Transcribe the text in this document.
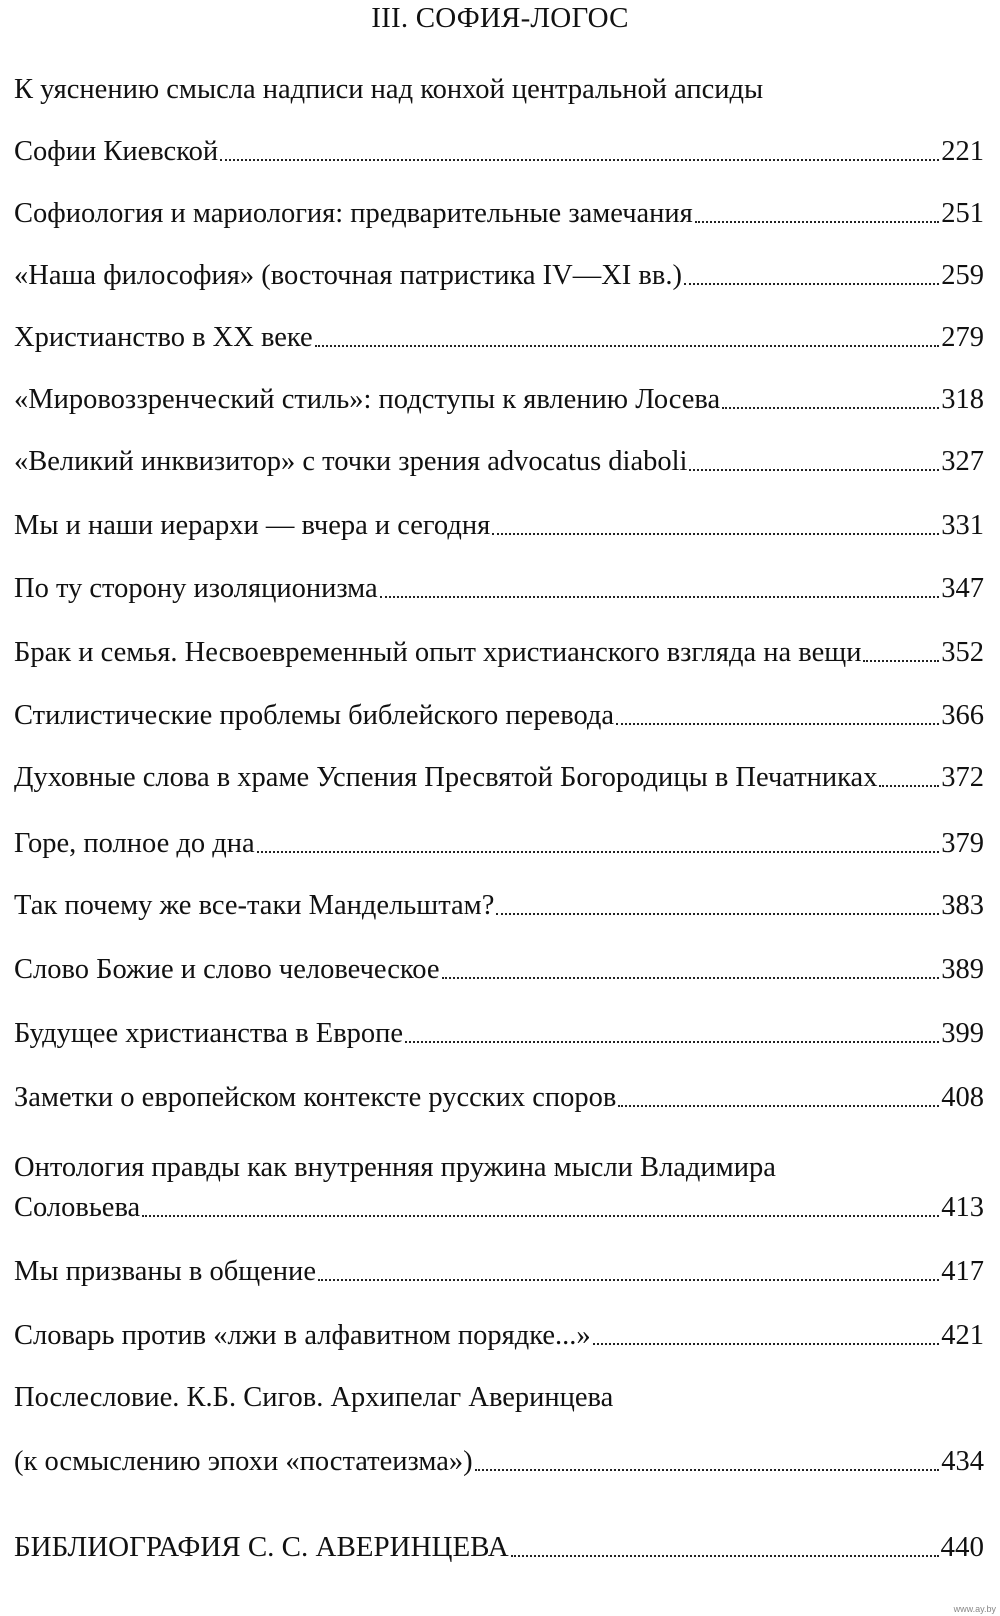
III. СОФИЯ-ЛОГОС
К уяснению смысла надписи над конхой центральной апсиды
Софии Киевской	221
Софиология и мариология: предварительные замечания	251
«Наша философия» (восточная патристика IV—XI вв.)	259
Христианство в XX веке	279
«Мировоззренческий стиль»: подступы к явлению Лосева	318
«Великий инквизитор» с точки зрения advocatus diaboli	327
Мы и наши иерархи — вчера и сегодня	331
По ту сторону изоляционизма	347
Брак и семья. Несвоевременный опыт христианского взгляда на вещи	352
Стилистические проблемы библейского перевода	366
Духовные слова в храме Успения Пресвятой Богородицы в Печатниках 372
Горе, полное до дна	379
Так почему же все-таки Мандельштам?	383
Слово Божие и слово человеческое	389
Будущее христианства в Европе	399
Заметки о европейском контексте русских споров	408
Онтология правды как внутренняя пружина мысли Владимира
Соловьева	413
Мы призваны в общение	417
Словарь против «лжи в алфавитном порядке...»	421
Послесловие. К.Б. Сигов. Архипелаг Аверинцева
(к осмыслению эпохи «постатеизма»)	434
БИБЛИОГРАФИЯ С. С. АВЕРИНЦЕВА	440
www.ay.by
